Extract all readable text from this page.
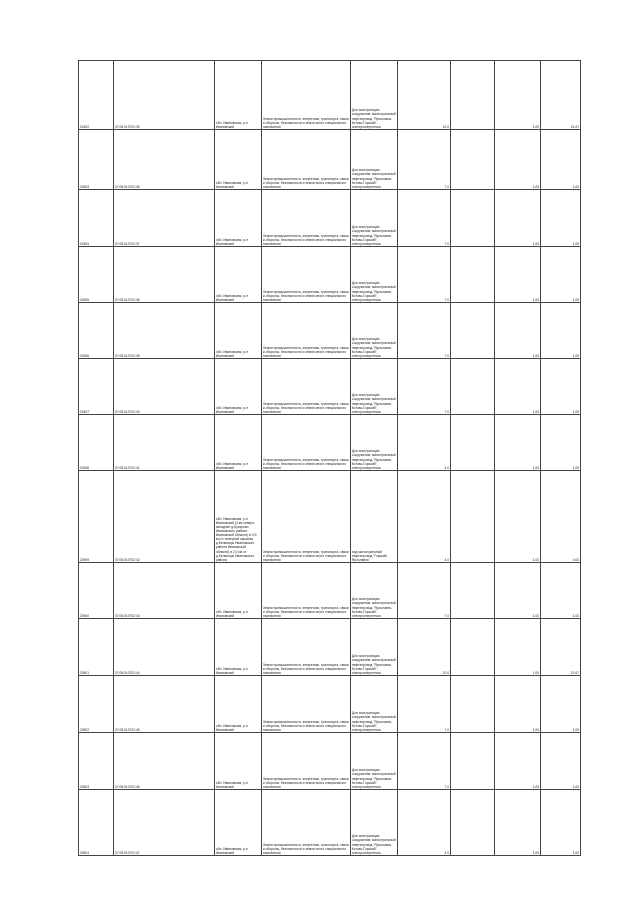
20492	37:05:010702:35	обл. Ивановская, р-н Ивановский	Земли промышленности, энергетики, транспорта, связи и обороны, безопасности и земли иного специального назначения	Для эксплуатации сооружения: магистральный нефтепровод "Ярославль-Кстово-Горький", электроэнергетика	10.0		1.00	21.67
20493	37:05:010702:36	обл. Ивановская, р-н Ивановский	Земли промышленности, энергетики, транспорта, связи и обороны, безопасности и земли иного специального назначения	Для эксплуатации сооружения: магистральный нефтепровод "Ярославль-Кстово-Горький", электроэнергетика	7.0		1.00	1.00
20494	37:05:010702:37	обл. Ивановская, р-н Ивановский	Земли промышленности, энергетики, транспорта, связи и обороны, безопасности и земли иного специального назначения	Для эксплуатации сооружения: магистральный нефтепровод "Ярославль-Кстово-Горький", электроэнергетика	7.0		1.00	1.00
20495	37:05:010702:38	обл. Ивановская, р-н Ивановский	Земли промышленности, энергетики, транспорта, связи и обороны, безопасности и земли иного специального назначения	Для эксплуатации сооружения: магистральный нефтепровод "Ярославль-Кстово-Горький", электроэнергетика	7.0		1.00	1.00
20496	37:05:010702:39	обл. Ивановская, р-н Ивановский	Земли промышленности, энергетики, транспорта, связи и обороны, безопасности и земли иного специального назначения	Для эксплуатации сооружения: магистральный нефтепровод "Ярославль-Кстово-Горький", электроэнергетика	7.0		1.00	1.00
20497	37:05:010702:40	обл. Ивановская, р-н Ивановский	Земли промышленности, энергетики, транспорта, связи и обороны, безопасности и земли иного специального назначения	Для эксплуатации сооружения: магистральный нефтепровод "Ярославль-Кстово-Горький", электроэнергетика	7.0		1.00	1.00
20498	37:05:010702:41	обл. Ивановская, р-н Ивановский	Земли промышленности, энергетики, транспорта, связи и обороны, безопасности и земли иного специального назначения	Для эксплуатации сооружения: магистральный нефтепровод "Ярославль-Кстово-Горький", электроэнергетика	4.0		1.00	1.00
20499	37:05:010702:42	обл. Ивановская, р-н Ивановский (3 км северо-западнее д.Бухарово Ивановского района Ивановской области) в 3,9 км от северной окраины д.Беляницы Ивановского района Ивановской области) в 2,0 км от д.Беляницы Ивановского района	Земли промышленности, энергетики, транспорта, связи и обороны, безопасности и земли иного специального назначения	под магистральный нефтепровод "Горький-Ярославль"	4.0		1.00	4.00
20500	37:05:010702:43	обл. Ивановская, р-н Ивановский	Земли промышленности, энергетики, транспорта, связи и обороны, безопасности и земли иного специального назначения	Для эксплуатации сооружения: магистральный нефтепровод "Ярославль-Кстово-Горький", электроэнергетика	7.0		1.00	1.00
20501	37:05:010702:44	обл. Ивановская, р-н Ивановский	Земли промышленности, энергетики, транспорта, связи и обороны, безопасности и земли иного специального назначения	Для эксплуатации сооружения: магистральный нефтепровод "Ярославль-Кстово-Горький", электроэнергетика	10.0		1.00	21.67
20502	37:05:010702:45	обл. Ивановская, р-н Ивановский	Земли промышленности, энергетики, транспорта, связи и обороны, безопасности и земли иного специального назначения	Для эксплуатации сооружения: магистральный нефтепровод "Ярославль-Кстово-Горький", электроэнергетика	7.0		1.00	1.00
20503	37:05:010702:46	обл. Ивановская, р-н Ивановский	Земли промышленности, энергетики, транспорта, связи и обороны, безопасности и земли иного специального назначения	Для эксплуатации сооружения: магистральный нефтепровод "Ярославль-Кстово-Горький", электроэнергетика	7.0		1.00	1.00
20504	37:05:010702:47	обл. Ивановская, р-н Ивановский	Земли промышленности, энергетики, транспорта, связи и обороны, безопасности и земли иного специального назначения	Для эксплуатации сооружения: магистральный нефтепровод "Ярославль-Кстово-Горький", электроэнергетика	4.0		1.00	1.00
